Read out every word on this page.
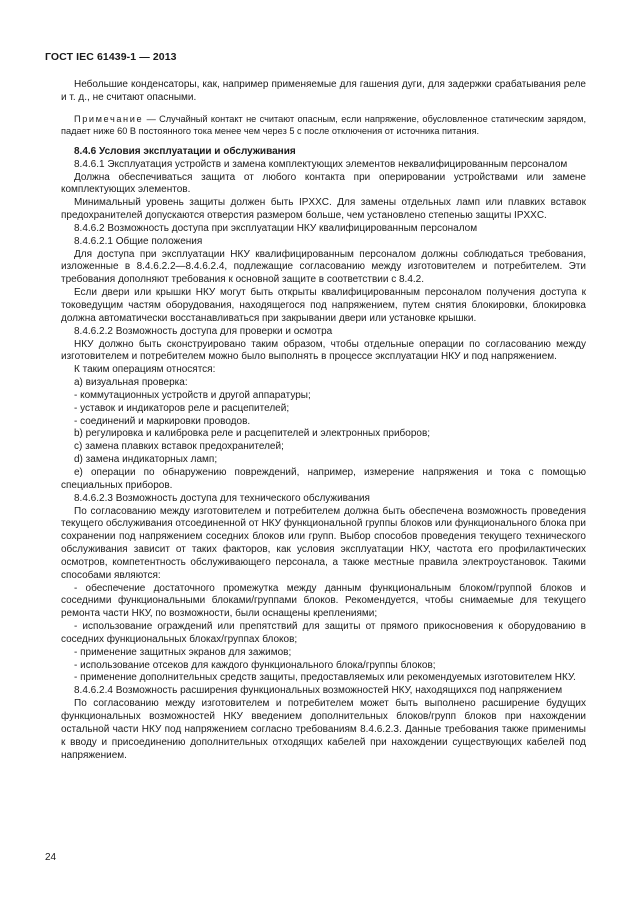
ГОСТ IEC 61439-1 — 2013

Небольшие конденсаторы, как, например применяемые для гашения дуги, для задержки срабатывания реле и т. д., не считают опасными.

Примечание — Случайный контакт не считают опасным, если напряжение, обусловленное статическим зарядом, падает ниже 60 В постоянного тока менее чем через 5 с после отключения от источника питания.

8.4.6 Условия эксплуатации и обслуживания

8.4.6.1 Эксплуатация устройств и замена комплектующих элементов неквалифицированным персоналом

Должна обеспечиваться защита от любого контакта при оперировании устройствами или замене комплектующих элементов.

Минимальный уровень защиты должен быть IPXXC. Для замены отдельных ламп или плавких вставок предохранителей допускаются отверстия размером больше, чем установлено степенью защиты IPXXC.

8.4.6.2 Возможность доступа при эксплуатации НКУ квалифицированным персоналом

8.4.6.2.1 Общие положения

Для доступа при эксплуатации НКУ квалифицированным персоналом должны соблюдаться требования, изложенные в 8.4.6.2.2—8.4.6.2.4, подлежащие согласованию между изготовителем и потребителем. Эти требования дополняют требования к основной защите в соответствии с 8.4.2.

Если двери или крышки НКУ могут быть открыты квалифицированным персоналом получения доступа к токоведущим частям оборудования, находящегося под напряжением, путем снятия блокировки, блокировка должна автоматически восстанавливаться при закрывании двери или установке крышки.

8.4.6.2.2 Возможность доступа для проверки и осмотра

НКУ должно быть сконструировано таким образом, чтобы отдельные операции по согласованию между изготовителем и потребителем можно было выполнять в процессе эксплуатации НКУ и под напряжением.

К таким операциям относятся:

a) визуальная проверка:

- коммутационных устройств и другой аппаратуры;

- уставок и индикаторов реле и расцепителей;

- соединений и маркировки проводов.

b) регулировка и калибровка реле и расцепителей и электронных приборов;

c) замена плавких вставок предохранителей;

d) замена индикаторных ламп;

e) операции по обнаружению повреждений, например, измерение напряжения и тока с помощью специальных приборов.

8.4.6.2.3 Возможность доступа для технического обслуживания

По согласованию между изготовителем и потребителем должна быть обеспечена возможность проведения текущего обслуживания отсоединенной от НКУ функциональной группы блоков или функционального блока при сохранении под напряжением соседних блоков или групп. Выбор способов проведения текущего технического обслуживания зависит от таких факторов, как условия эксплуатации НКУ, частота его профилактических осмотров, компетентность обслуживающего персонала, а также местные правила электроустановок. Такими способами являются:

- обеспечение достаточного промежутка между данным функциональным блоком/группой блоков и соседними функциональными блоками/группами блоков. Рекомендуется, чтобы снимаемые для текущего ремонта части НКУ, по возможности, были оснащены креплениями;

- использование ограждений или препятствий для защиты от прямого прикосновения к оборудованию в соседних функциональных блоках/группах блоков;

- применение защитных экранов для зажимов;

- использование отсеков для каждого функционального блока/группы блоков;

- применение дополнительных средств защиты, предоставляемых или рекомендуемых изготовителем НКУ.

8.4.6.2.4 Возможность расширения функциональных возможностей НКУ, находящихся под напряжением

По согласованию между изготовителем и потребителем может быть выполнено расширение будущих функциональных возможностей НКУ введением дополнительных блоков/групп блоков при нахождении остальной части НКУ под напряжением согласно требованиям 8.4.6.2.3. Данные требования также применимы к вводу и присоединению дополнительных отходящих кабелей при нахождении существующих кабелей под напряжением.

24
